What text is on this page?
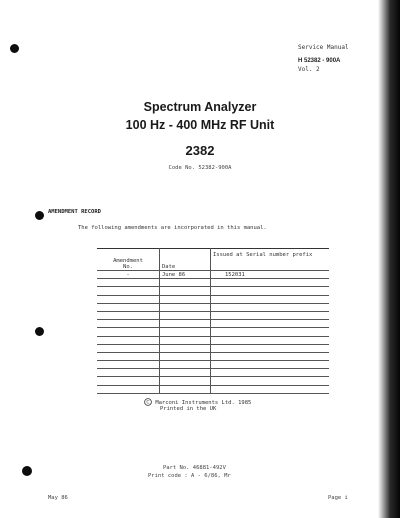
Service Manual
H 52382 - 900A
Vol. 2
Spectrum Analyzer
100 Hz - 400 MHz RF Unit
2382
Code No. 52382-900A
AMENDMENT RECORD
The following amendments are incorporated in this manual.
Amendment
No.	Date	Issued at Serial number prefix
-	June 86	152031

C Marconi Instruments Ltd. 1985
Printed in the UK
Part No. 46881-492V
Print code : A - 6/86, Mr
May 86	Page i
